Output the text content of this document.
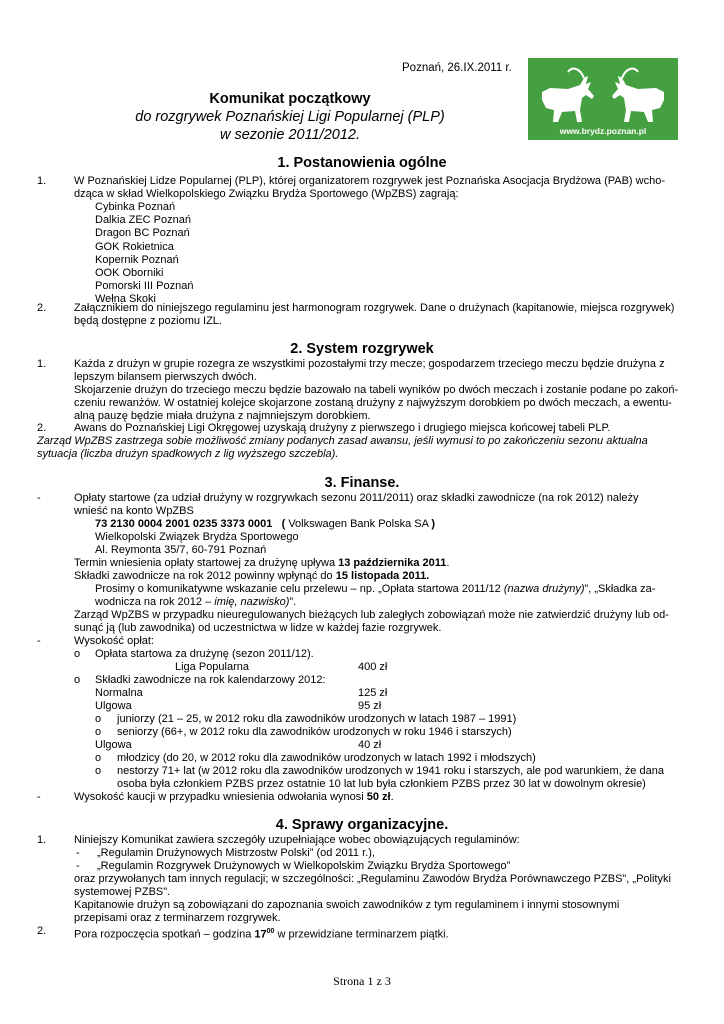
Poznań, 26.IX.2011 r.
www.brydz.poznan.pl
Komunikat początkowy
do rozgrywek Poznańskiej Ligi Popularnej (PLP)
w sezonie 2011/2012.
1. Postanowienia ogólne
1.	W Poznańskiej Lidze Popularnej (PLP), której organizatorem rozgrywek jest Poznańska Asocjacja Brydżowa (PAB) wcho-
dząca w skład Wielkopolskiego Związku Brydża Sportowego (WpZBS) zagrają:
Cybinka Poznań
Dalkia ZEC Poznań
Dragon BC Poznań
GOK Rokietnica
Kopernik Poznań
OOK Oborniki
Pomorski III Poznań
Wełna Skoki
2.	Załącznikiem do niniejszego regulaminu jest harmonogram rozgrywek. Dane o drużynach (kapitanowie, miejsca rozgrywek)
będą dostępne z poziomu IZL.
2. System rozgrywek
1.	Każda z drużyn w grupie rozegra ze wszystkimi pozostałymi trzy mecze; gospodarzem trzeciego meczu będzie drużyna z
lepszym bilansem pierwszych dwóch.
Skojarzenie drużyn do trzeciego meczu będzie bazowało na tabeli wyników po dwóch meczach i zostanie podane po zakoń-
czeniu rewanżów. W ostatniej kolejce skojarzone zostaną drużyny z najwyższym dorobkiem po dwóch meczach, a ewentu-
alną pauzę będzie miała drużyna z najmniejszym dorobkiem.
2.	Awans do Poznańskiej Ligi Okręgowej uzyskają drużyny z pierwszego i drugiego miejsca końcowej tabeli PLP.
Zarząd WpZBS zastrzega sobie możliwość zmiany podanych zasad awansu, jeśli wymusi to po zakończeniu sezonu aktualna
sytuacja (liczba drużyn spadkowych z lig wyższego szczebla).
3. Finanse.
-	Opłaty startowe (za udział drużyny w rozgrywkach sezonu 2011/2011) oraz składki zawodnicze (na rok 2012) należy
wnieść na konto WpZBS
73 2130 0004 2001 0235 3373 0001 ( Volkswagen Bank Polska SA )
Wielkopolski Związek Brydża Sportowego
Al. Reymonta 35/7, 60-791 Poznań
Termin wniesienia opłaty startowej za drużynę upływa 13 października 2011.
Składki zawodnicze na rok 2012 powinny wpłynąć do 15 listopada 2011.
Prosimy o komunikatywne wskazanie celu przelewu – np. „Opłata startowa 2011/12 (nazwa drużyny)”, „Składka za-
wodnicza na rok 2012 – imię, nazwisko)”.
Zarząd WpZBS w przypadku nieuregulowanych bieżących lub zaległych zobowiązań może nie zatwierdzić drużyny lub od-
sunąć ją (lub zawodnika) od uczestnictwa w lidze w każdej fazie rozgrywek.
-	Wysokość opłat:
o Opłata startowa za drużynę (sezon 2011/12).
Liga Popularna	400 zł
o Składki zawodnicze na rok kalendarzowy 2012:
Normalna	125 zł
Ulgowa	95 zł
o juniorzy (21 – 25, w 2012 roku dla zawodników urodzonych w latach 1987 – 1991)
o seniorzy (66+, w 2012 roku dla zawodników urodzonych w roku 1946 i starszych)
Ulgowa	40 zł
o młodzicy (do 20, w 2012 roku dla zawodników urodzonych w latach 1992 i młodszych)
o nestorzy 71+ lat (w 2012 roku dla zawodników urodzonych w 1941 roku i starszych, ale pod warunkiem, że dana
osoba była członkiem PZBS przez ostatnie 10 lat lub była członkiem PZBS przez 30 lat w dowolnym okresie)
-	Wysokość kaucji w przypadku wniesienia odwołania wynosi 50 zł.
4. Sprawy organizacyjne.
1.	Niniejszy Komunikat zawiera szczegóły uzupełniające wobec obowiązujących regulaminów:
- „Regulamin Drużynowych Mistrzostw Polski” (od 2011 r.),
- „Regulamin Rozgrywek Drużynowych w Wielkopolskim Związku Brydża Sportowego”
oraz przywołanych tam innych regulacji; w szczególności: „Regulaminu Zawodów Brydża Porównawczego PZBS", „Polityki
systemowej PZBS".
Kapitanowie drużyn są zobowiązani do zapoznania swoich zawodników z tym regulaminem i innymi stosownymi
przepisami oraz z terminarzem rozgrywek.
2.	Pora rozpoczęcia spotkań – godzina $17^{00}$ w przewidziane terminarzem piątki.
Strona 1 z 3
